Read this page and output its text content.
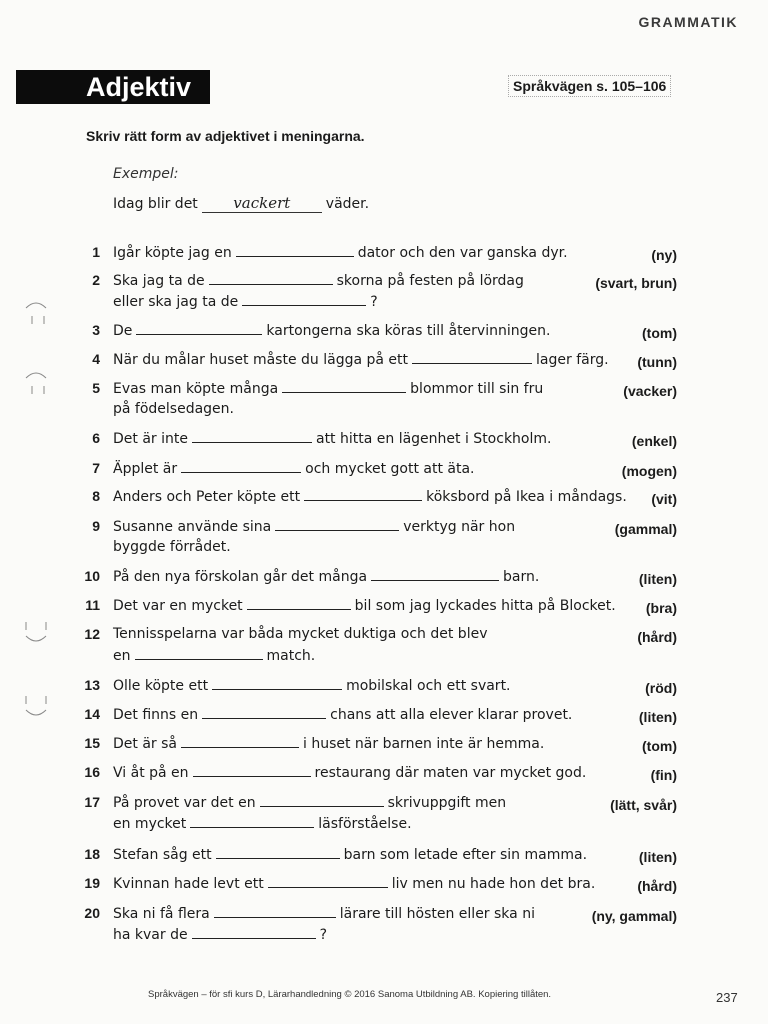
GRAMMATIK
Adjektiv	Språkvägen s. 105–106
Skriv rätt form av adjektivet i meningarna.
Exempel:
Idag blir det vackert	väder.
1 Igår köpte jag en	dator och den var ganska dyr.	(ny)
2 Ska jag ta de	skorna på festen på lördag
eller ska jag ta de	?
(svart, brun)
3 De	kartongerna ska köras till återvinningen.	(tom)
4 När du målar huset måste du lägga på ett	lager färg. (tunn)
5 Evas man köpte många	blommor till sin fru
på födelsedagen.
(vacker)
6 Det är inte	att hitta en lägenhet i Stockholm.	(enkel)
7 Äpplet är	och mycket gott att äta.	(mogen)
8 Anders och Peter köpte ett	köksbord på Ikea i måndags. (vit)
9 Susanne använde sina	verktyg när hon
byggde förrådet.
(gammal)
10 På den nya förskolan går det många	barn.	(liten)
11 Det var en mycket	bil som jag lyckades hitta på Blocket. (bra)
12 Tennisspelarna var båda mycket duktiga och det blev
en	match.
(hård)
13 Olle köpte ett	mobilskal och ett svart.	(röd)
14 Det finns en	chans att alla elever klarar provet.	(liten)
15 Det är så	i huset när barnen inte är hemma.	(tom)
16 Vi åt på en	restaurang där maten var mycket god.	(fin)
17 På provet var det en	skrivuppgift men
en mycket	läsförståelse.
(lätt, svår)
18 Stefan såg ett	barn som letade efter sin mamma.	(liten)
19 Kvinnan hade levt ett	liv men nu hade hon det bra.	(hård)
20 Ska ni få flera	lärare till hösten eller ska ni
ha kvar de	?
(ny, gammal)
Språkvägen – för sfi kurs D, Lärarhandledning © 2016 Sanoma Utbildning AB. Kopiering tillåten.	237
